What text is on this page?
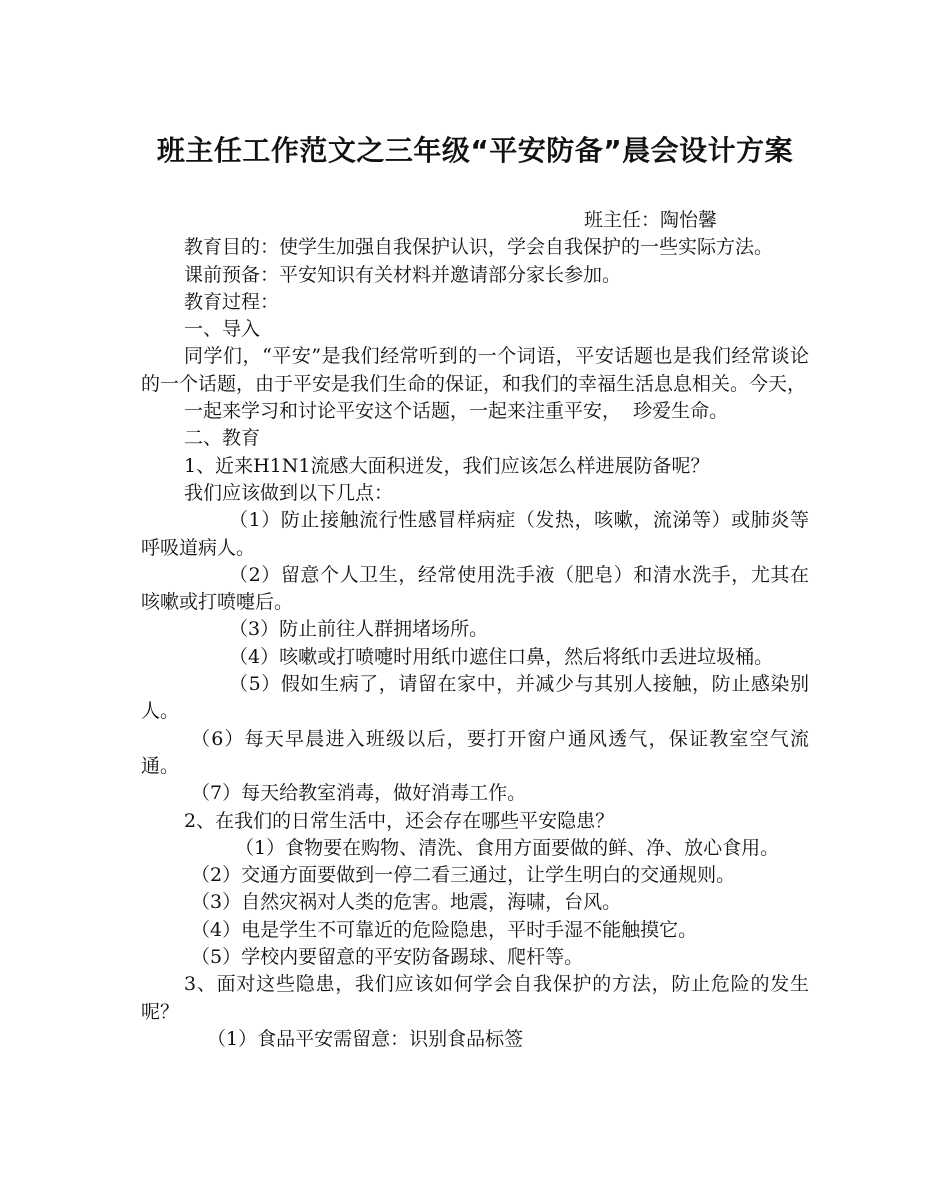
班主任工作范文之三年级“平安防备”晨会设计方案

班主任：陶怡馨

教育目的：使学生加强自我保护认识，学会自我保护的一些实际方法。

课前预备：平安知识有关材料并邀请部分家长参加。

教育过程：

一、导入

同学们，“平安”是我们经常听到的一个词语，平安话题也是我们经常谈论的一个话题，由于平安是我们生命的保证，和我们的幸福生活息息相关。今天，

一起来学习和讨论平安这个话题，一起来注重平安，  珍爱生命。

二、教育

1、近来H1N1流感大面积迸发，我们应该怎么样进展防备呢？

我们应该做到以下几点：

（1）防止接触流行性感冒样病症（发热，咳嗽，流涕等）或肺炎等呼吸道病人。

（2）留意个人卫生，经常使用洗手液（肥皂）和清水洗手，尤其在咳嗽或打喷嚏后。

（3）防止前往人群拥堵场所。

（4）咳嗽或打喷嚏时用纸巾遮住口鼻，然后将纸巾丢进垃圾桶。

（5）假如生病了，请留在家中，并减少与其别人接触，防止感染别人。

（6）每天早晨进入班级以后，要打开窗户通风透气，保证教室空气流通。

（7）每天给教室消毒，做好消毒工作。

2、在我们的日常生活中，还会存在哪些平安隐患？

（1）食物要在购物、清洗、食用方面要做的鲜、净、放心食用。

（2）交通方面要做到一停二看三通过，让学生明白的交通规则。

（3）自然灾祸对人类的危害。地震，海啸，台风。

（4）电是学生不可靠近的危险隐患，平时手湿不能触摸它。

（5）学校内要留意的平安防备踢球、爬杆等。

3、面对这些隐患，我们应该如何学会自我保护的方法，防止危险的发生呢？

（1）食品平安需留意：识别食品标签
